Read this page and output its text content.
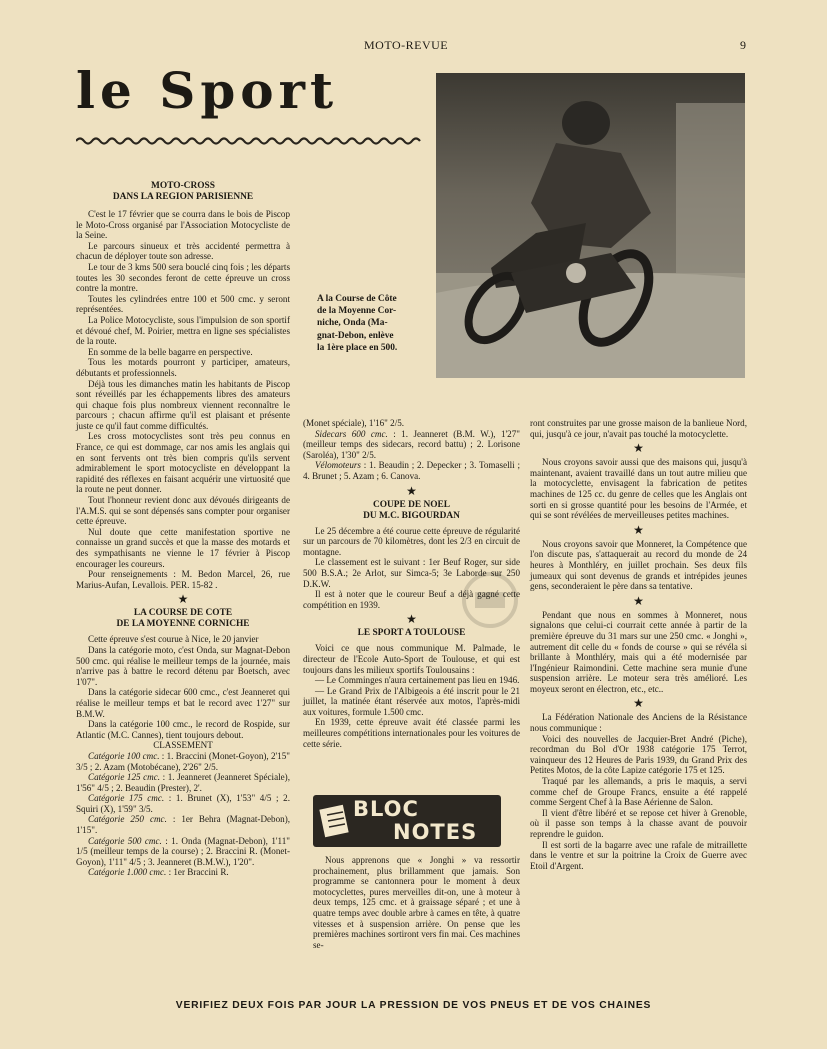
MOTO-REVUE	9
le Sport
A la Course de Côte
de la Moyenne Cor-
niche, Onda (Ma-
gnat-Debon, enlève
la 1ère place en 500.
MOTO-CROSS
DANS LA REGION PARISIENNE

C'est le 17 février que se courra dans le bois de Piscop le Moto-Cross organisé par l'Association Motocycliste de la Seine.

Le parcours sinueux et très accidenté permettra à chacun de déployer toute son adresse.

Le tour de 3 kms 500 sera bouclé cinq fois ; les départs toutes les 30 secondes feront de cette épreuve un cross contre la montre.

Toutes les cylindrées entre 100 et 500 cmc. y seront représentées.

La Police Motocycliste, sous l'impulsion de son sportif et dévoué chef, M. Poirier, mettra en ligne ses spécialistes de la route.

En somme de la belle bagarre en perspective.

Tous les motards pourront y participer, amateurs, débutants et professionnels.

Déjà tous les dimanches matin les habitants de Piscop sont réveillés par les échappements libres des amateurs qui chaque fois plus nombreux viennent reconnaître le parcours ; chacun affirme qu'il est plaisant et présente juste ce qu'il faut comme difficultés.

Les cross motocyclistes sont très peu connus en France, ce qui est dommage, car nos amis les anglais qui en sont fervents ont très bien compris qu'ils servent admirablement le sport motocycliste en développant la rapidité des réflexes en faisant acquérir une virtuosité que la route ne peut donner.

Tout l'honneur revient donc aux dévoués dirigeants de l'A.M.S. qui se sont dépensés sans compter pour organiser cette épreuve.

Nul doute que cette manifestation sportive ne connaisse un grand succès et que la masse des motards et des sympathisants ne vienne le 17 février à Piscop encourager les coureurs.

Pour renseignements : M. Bedon Marcel, 26, rue Marius-Aufan, Levallois. PER. 15-82 .

★
LA COURSE DE COTE
DE LA MOYENNE CORNICHE

Cette épreuve s'est courue à Nice, le 20 janvier

Dans la catégorie moto, c'est Onda, sur Magnat-Debon 500 cmc. qui réalise le meilleur temps de la journée, mais n'arrive pas à battre le record détenu par Boetsch, avec 1'07".

Dans la catégorie sidecar 600 cmc., c'est Jeanneret qui réalise le meilleur temps et bat le record avec 1'27" sur B.M.W.

Dans la catégorie 100 cmc., le record de Rospide, sur Atlantic (M.C. Cannes), tient toujours debout.

CLASSEMENT

Catégorie 100 cmc. : 1. Braccini (Monet-Goyon), 2'15" 3/5 ; 2. Azam (Motobécane), 2'26" 2/5.

Catégorie 125 cmc. : 1. Jeanneret (Jeanneret Spéciale), 1'56" 4/5 ; 2. Beaudin (Prester), 2'.

Catégorie 175 cmc. : 1. Brunet (X), 1'53" 4/5 ; 2. Squiri (X), 1'59" 3/5.

Catégorie 250 cmc. : 1er Behra (Magnat-Debon), 1'15".

Catégorie 500 cmc. : 1. Onda (Magnat-Debon), 1'11" 1/5 (meilleur temps de la course) ; 2. Braccini R. (Monet-Goyon), 1'11" 4/5 ; 3. Jeanneret (B.M.W.), 1'20".

Catégorie 1.000 cmc. : 1er Braccini R.

(Monet spéciale), 1'16" 2/5.

Sidecars 600 cmc. : 1. Jeanneret (B.M. W.), 1'27" (meilleur temps des sidecars, record battu) ; 2. Lorisone (Saroléa), 1'30" 2/5.

Vélomoteurs : 1. Beaudin ; 2. Depecker ; 3. Tomaselli ; 4. Brunet ; 5. Azam ; 6. Canova.

★
COUPE DE NOEL
DU M.C. BIGOURDAN

Le 25 décembre a été courue cette épreuve de régularité sur un parcours de 70 kilomètres, dont les 2/3 en circuit de montagne.

Le classement est le suivant : 1er Beuf Roger, sur side 500 B.S.A.; 2e Arlot, sur Simca-5; 3e Laborde sur 250 D.K.W.

Il est à noter que le coureur Beuf a déjà gagné cette compétition en 1939.

★
LE SPORT A TOULOUSE

Voici ce que nous communique M. Palmade, le directeur de l'Ecole Auto-Sport de Toulouse, et qui est toujours dans les milieux sportifs Toulousains :

— Le Comminges n'aura certainement pas lieu en 1946.

— Le Grand Prix de l'Albigeois a été inscrit pour le 21 juillet, la matinée étant réservée aux motos, l'après-midi aux voitures, formule 1.500 cmc.

En 1939, cette épreuve avait été classée parmi les meilleures compétitions internationales pour les voitures de cette série.

BLOC
NOTES

Nous apprenons que « Jonghi » va ressortir prochainement, plus brillamment que jamais. Son programme se cantonnera pour le moment à deux motocyclettes, pures merveilles dit-on, une à moteur à deux temps, 125 cmc. et à graissage séparé ; et une à quatre temps avec double arbre à cames en tête, à quatre vitesses et à suspension arrière. On pense que les premières machines sortiront vers fin mai. Ces machines se-

ront construites par une grosse maison de la banlieue Nord, qui, jusqu'à ce jour, n'avait pas touché la motocyclette.

★

Nous croyons savoir aussi que des maisons qui, jusqu'à maintenant, avaient travaillé dans un tout autre milieu que la motocyclette, envisagent la fabrication de petites machines de 125 cc. du genre de celles que les Anglais ont sorti en si grosse quantité pour les besoins de l'Armée, et qui se sont révélées de merveilleuses petites machines.

★

Nous croyons savoir que Monneret, la Compétence que l'on discute pas, s'attaquerait au record du monde de 24 heures à Monthléry, en juillet prochain. Ses deux fils jumeaux qui sont devenus de grands et intrépides jeunes gens, seconderaient le père dans sa tentative.

★

Pendant que nous en sommes à Monneret, nous signalons que celui-ci courrait cette année à partir de la première épreuve du 31 mars sur une 250 cmc. « Jonghi », autrement dit celle du « fonds de course » qui se révéla si brillante à Monthléry, mais qui a été modernisée par l'Ingénieur Raimondini. Cette machine sera munie d'une suspension arrière. Le moteur sera très amélioré. Les moyeux seront en électron, etc., etc..

★

La Fédération Nationale des Anciens de la Résistance nous communique :

Voici des nouvelles de Jacquier-Bret André (Piche), recordman du Bol d'Or 1938 catégorie 175 Terrot, vainqueur des 12 Heures de Paris 1939, du Grand Prix des Petites Motos, de la côte Lapize catégorie 175 et 125.

Traqué par les allemands, a pris le maquis, a servi comme chef de Groupe Francs, ensuite a été rappelé comme Sergent Chef à la Base Aérienne de Salon.

Il vient d'être libéré et se repose cet hiver à Grenoble, où il passe son temps à la chasse avant de pouvoir reprendre le guidon.

Il est sorti de la bagarre avec une rafale de mitraillette dans le ventre et sur la poitrine la Croix de Guerre avec Etoil d'Argent.

VERIFIEZ DEUX FOIS PAR JOUR LA PRESSION DE VOS PNEUS ET DE VOS CHAINES
